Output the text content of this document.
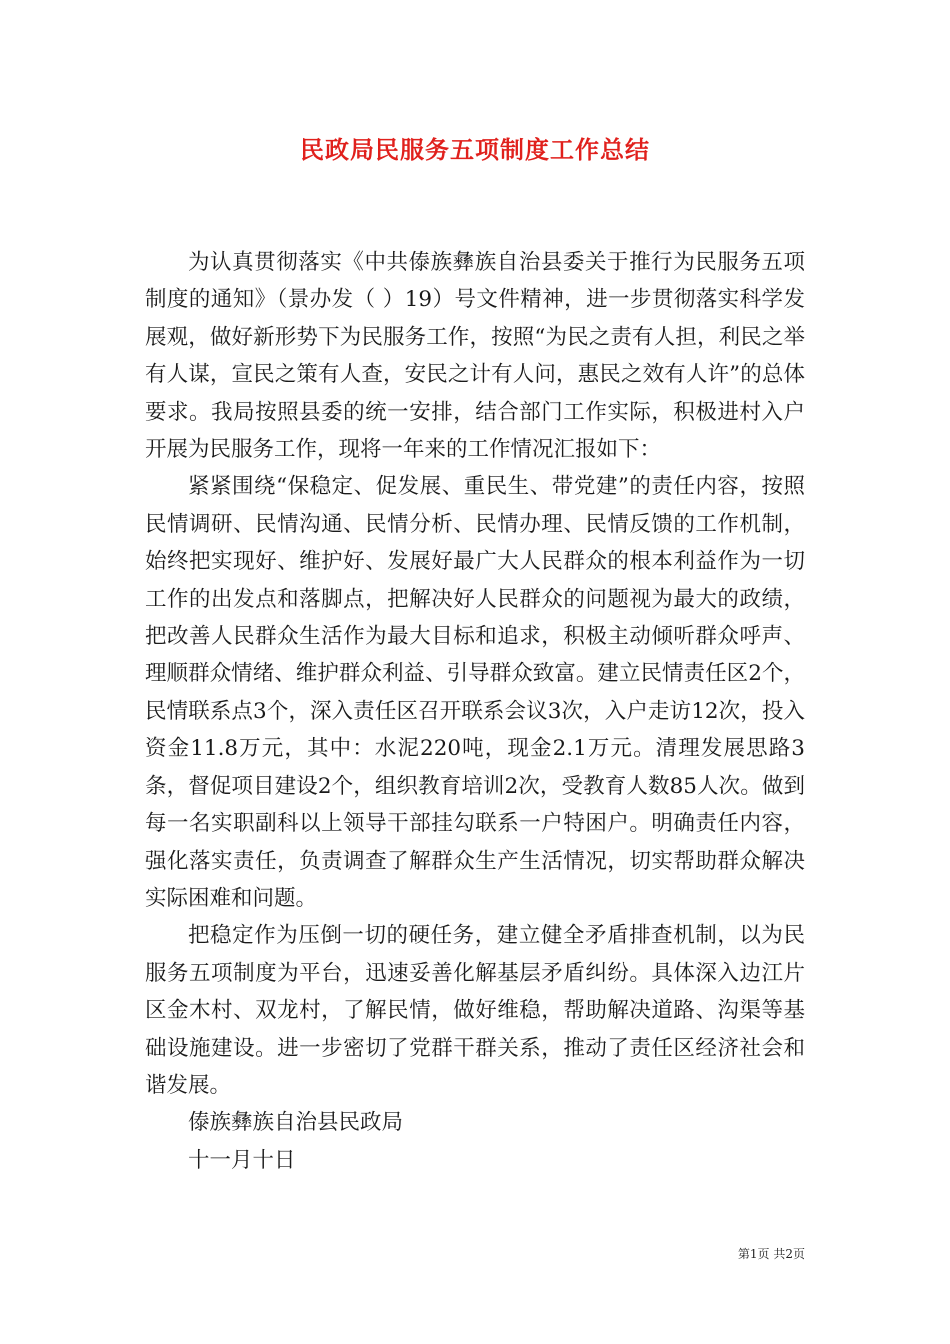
民政局民服务五项制度工作总结

为认真贯彻落实《中共傣族彝族自治县委关于推行为民服务五项制度的通知》（景办发（ ）19）号文件精神，进一步贯彻落实科学发展观，做好新形势下为民服务工作，按照“为民之责有人担，利民之举有人谋，宣民之策有人查，安民之计有人问，惠民之效有人许”的总体要求。我局按照县委的统一安排，结合部门工作实际，积极进村入户开展为民服务工作，现将一年来的工作情况汇报如下：

紧紧围绕“保稳定、促发展、重民生、带党建”的责任内容，按照民情调研、民情沟通、民情分析、民情办理、民情反馈的工作机制，始终把实现好、维护好、发展好最广大人民群众的根本利益作为一切工作的出发点和落脚点，把解决好人民群众的问题视为最大的政绩，把改善人民群众生活作为最大目标和追求，积极主动倾听群众呼声、理顺群众情绪、维护群众利益、引导群众致富。建立民情责任区2个，民情联系点3个，深入责任区召开联系会议3次，入户走访12次，投入资金11.8万元，其中：水泥220吨，现金2.1万元。清理发展思路3条，督促项目建设2个，组织教育培训2次，受教育人数85人次。做到每一名实职副科以上领导干部挂勾联系一户特困户。明确责任内容，强化落实责任，负责调查了解群众生产生活情况，切实帮助群众解决实际困难和问题。

把稳定作为压倒一切的硬任务，建立健全矛盾排查机制，以为民服务五项制度为平台，迅速妥善化解基层矛盾纠纷。具体深入边江片区金木村、双龙村，了解民情，做好维稳，帮助解决道路、沟渠等基础设施建设。进一步密切了党群干群关系，推动了责任区经济社会和谐发展。

傣族彝族自治县民政局

十一月十日

第1页 共2页
